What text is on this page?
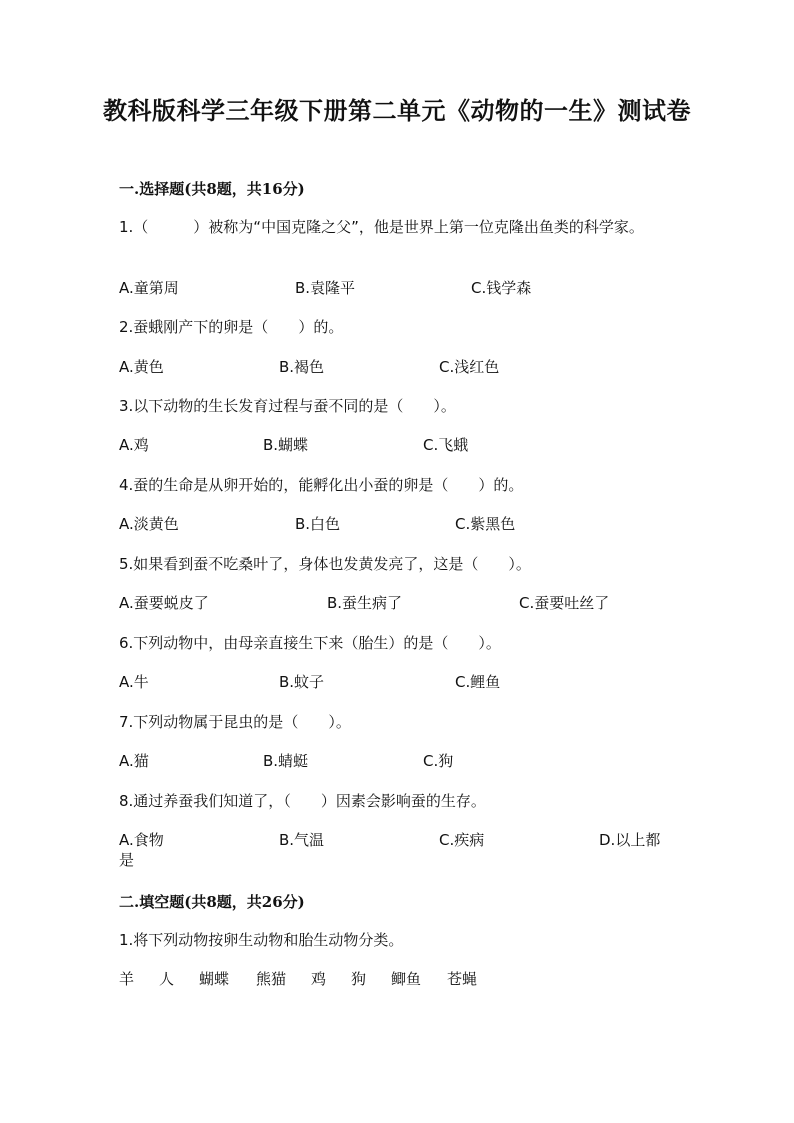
教科版科学三年级下册第二单元《动物的一生》测试卷
一.选择题(共8题，共16分)
1.（　　　）被称为“中国克隆之父”，他是世界上第一位克隆出鱼类的科学家。
A.童第周	B.袁隆平	C.钱学森
2.蚕蛾刚产下的卵是（　　）的。
A.黄色	B.褐色	C.浅红色
3.以下动物的生长发育过程与蚕不同的是（　　）。
A.鸡	B.蝴蝶	C.飞蛾
4.蚕的生命是从卵开始的，能孵化出小蚕的卵是（　　）的。
A.淡黄色	B.白色	C.紫黑色
5.如果看到蚕不吃桑叶了，身体也发黄发亮了，这是（　　）。
A.蚕要蜕皮了	B.蚕生病了	C.蚕要吐丝了
6.下列动物中，由母亲直接生下来（胎生）的是（　　）。
A.牛	B.蚊子	C.鲤鱼
7.下列动物属于昆虫的是（　　）。
A.猫	B.蜻蜓	C.狗
8.通过养蚕我们知道了，（　　）因素会影响蚕的生存。
A.食物	B.气温	C.疾病	D.以上都
是
二.填空题(共8题，共26分)
1.将下列动物按卵生动物和胎生动物分类。
羊 人 蝴蝶 熊猫 鸡 狗 鲫鱼 苍蝇
